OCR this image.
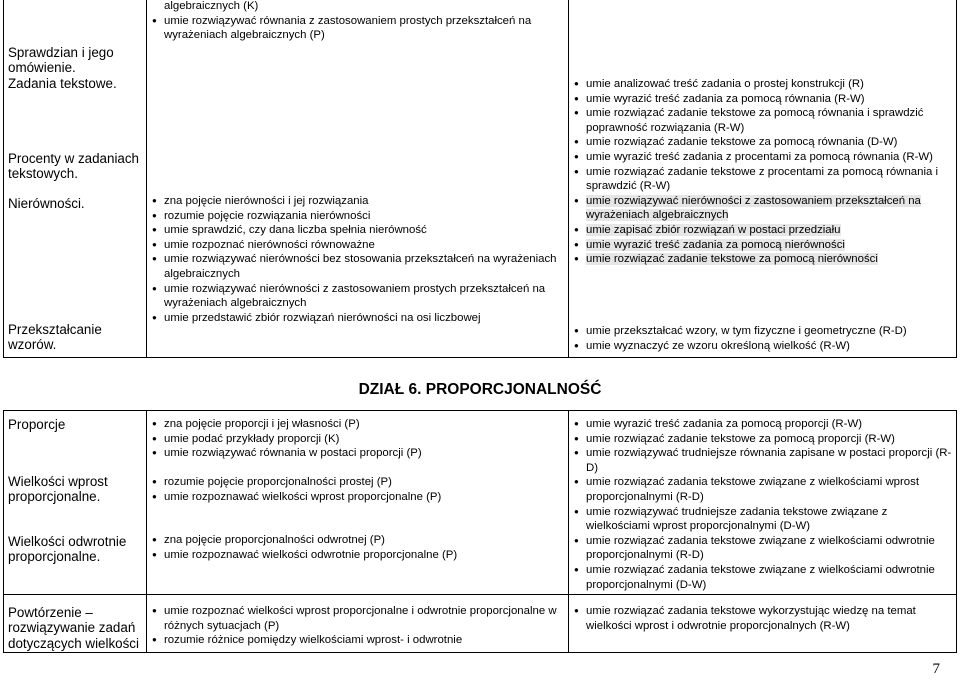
Sprawdzian i jego omówienie.
Zadania tekstowe.
Procenty w zadaniach tekstowych.
Nierówności.
Przekształcanie wzorów.
algebraicznych (K)
● umie rozwiązywać równania z zastosowaniem prostych przekształceń na wyrażeniach algebraicznych (P)
● zna pojęcie nierówności i jej rozwiązania
● rozumie pojęcie rozwiązania nierówności
● umie sprawdzić, czy dana liczba spełnia nierówność
● umie rozpoznać nierówności równoważne
● umie rozwiązywać nierówności bez stosowania przekształceń na wyrażeniach algebraicznych
● umie rozwiązywać nierówności z zastosowaniem prostych przekształceń na wyrażeniach algebraicznych
● umie przedstawić zbiór rozwiązań nierówności na osi liczbowej
● umie analizować treść zadania o prostej konstrukcji (R)
● umie wyrazić treść zadania za pomocą równania (R-W)
● umie rozwiązać zadanie tekstowe za pomocą równania i sprawdzić poprawność rozwiązania (R-W)
● umie rozwiązać zadanie tekstowe za pomocą równania (D-W)
● umie wyrazić treść zadania z procentami za pomocą równania (R-W)
● umie rozwiązać zadanie tekstowe z procentami za pomocą równania i sprawdzić (R-W)
● umie rozwiązywać nierówności z zastosowaniem przekształceń na wyrażeniach algebraicznych
● umie zapisać zbiór rozwiązań w postaci przedziału
● umie wyrazić treść zadania za pomocą nierówności
● umie rozwiązać zadanie tekstowe za pomocą nierówności
● umie przekształcać wzory, w tym fizyczne i geometryczne (R-D)
● umie wyznaczyć ze wzoru określoną wielkość (R-W)
DZIAŁ 6. PROPORCJONALNOŚĆ
Proporcje
Wielkości wprost proporcjonalne.
Wielkości odwrotnie proporcjonalne.
Powtórzenie – rozwiązywanie zadań dotyczących wielkości
● zna pojęcie proporcji i jej własności (P)
● umie podać przykłady proporcji (K)
● umie rozwiązywać równania w postaci proporcji (P)
● rozumie pojęcie proporcjonalności prostej (P)
● umie rozpoznawać wielkości wprost proporcjonalne (P)
● zna pojęcie proporcjonalności odwrotnej (P)
● umie rozpoznawać wielkości odwrotnie proporcjonalne (P)
● umie rozpoznać wielkości wprost proporcjonalne i odwrotnie proporcjonalne w różnych sytuacjach (P)
● rozumie różnice pomiędzy wielkościami wprost- i odwrotnie
● umie wyrazić treść zadania za pomocą proporcji (R-W)
● umie rozwiązać zadanie tekstowe za pomocą proporcji (R-W)
● umie rozwiązywać trudniejsze równania zapisane w postaci proporcji (R-D)
● umie rozwiązać zadania tekstowe związane z wielkościami wprost proporcjonalnymi (R-D)
● umie rozwiązywać trudniejsze zadania tekstowe związane z wielkościami wprost proporcjonalnymi (D-W)
● umie rozwiązać zadania tekstowe związane z wielkościami odwrotnie proporcjonalnymi (R-D)
● umie rozwiązać zadania tekstowe związane z wielkościami odwrotnie proporcjonalnymi (D-W)
● umie rozwiązać zadania tekstowe wykorzystując wiedzę na temat wielkości wprost i odwrotnie proporcjonalnych (R-W)
7
